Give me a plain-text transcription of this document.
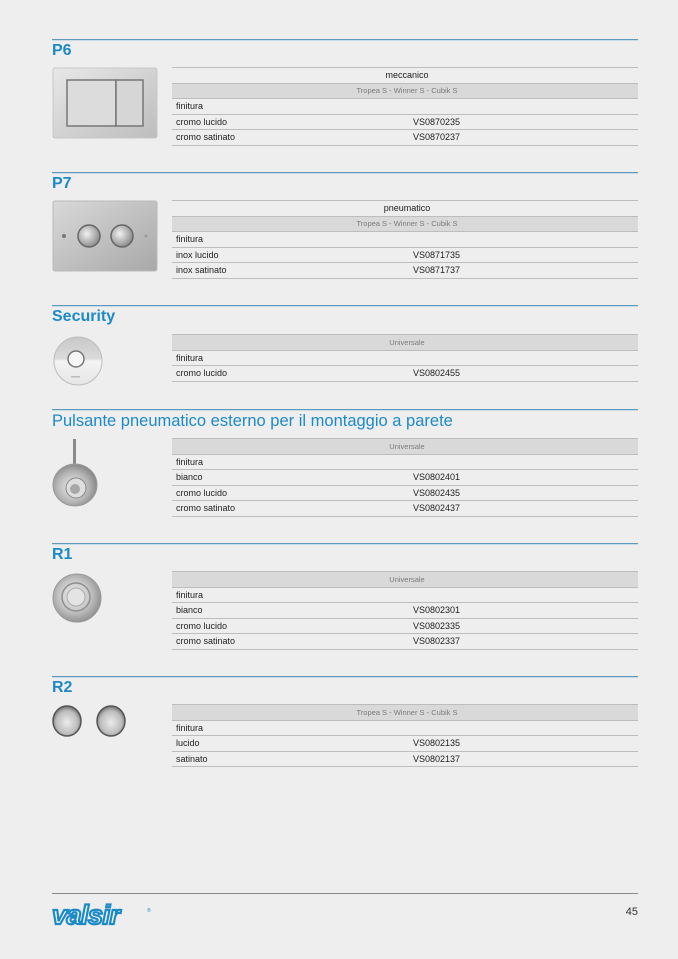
P6
meccanico	
Tropea S - Winner S - Cubik S	
finitura	
cromo lucido	VS0870235
cromo satinato	VS0870237
P7
pneumatico	
Tropea S - Winner S - Cubik S	
finitura	
inox lucido	VS0871735
inox satinato	VS0871737
Security
Universale	
finitura	
cromo lucido	VS0802455
Pulsante pneumatico esterno per il montaggio a parete
Universale	
finitura	
bianco	VS0802401
cromo lucido	VS0802435
cromo satinato	VS0802437
R1
Universale	
finitura	
bianco	VS0802301
cromo lucido	VS0802335
cromo satinato	VS0802337
R2
Tropea S - Winner S - Cubik S	
finitura	
lucido	VS0802135
satinato	VS0802137
valsir	®	45
